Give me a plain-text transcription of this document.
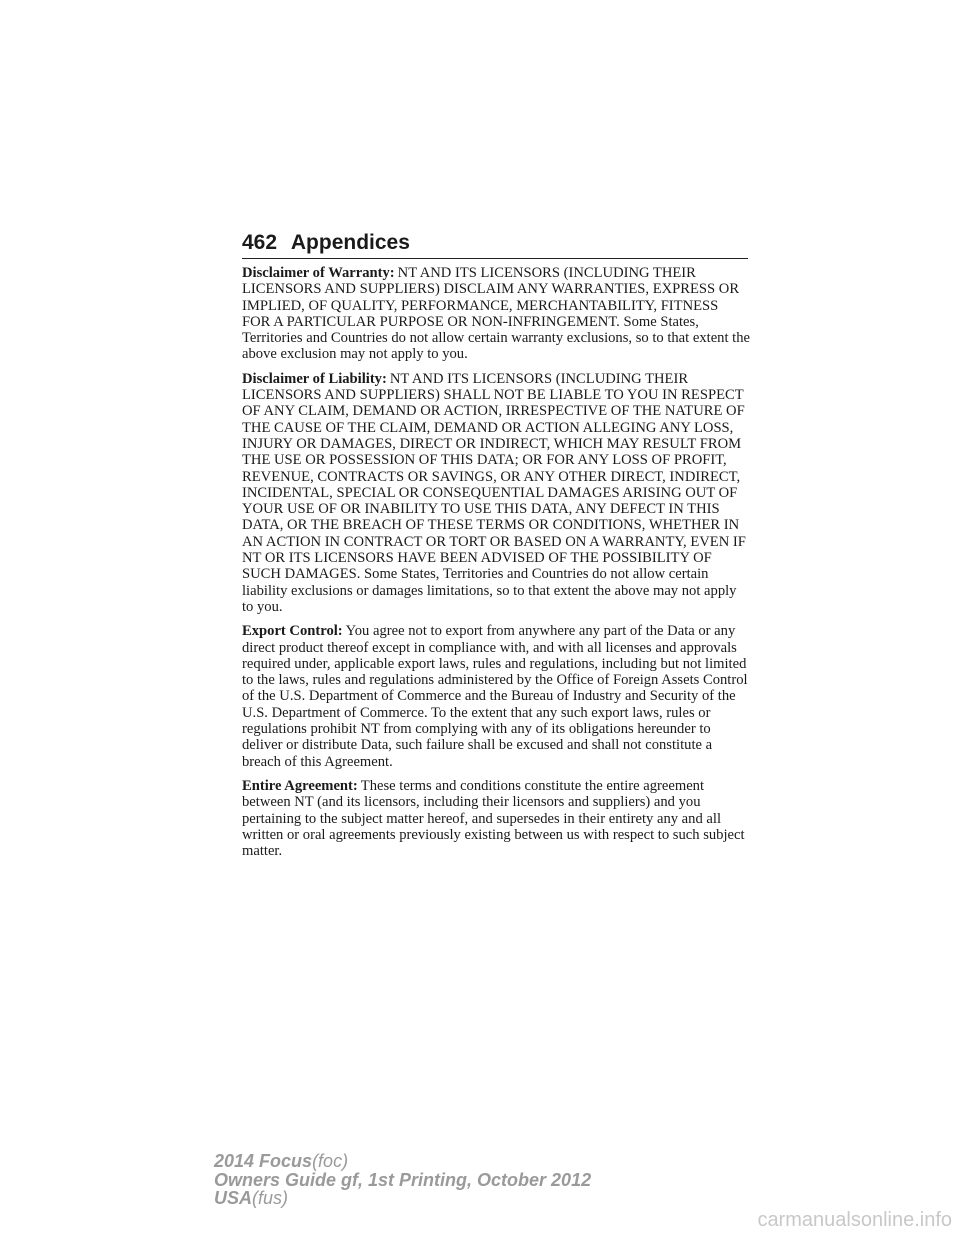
462 Appendices

Disclaimer of Warranty: NT AND ITS LICENSORS (INCLUDING THEIR LICENSORS AND SUPPLIERS) DISCLAIM ANY WARRANTIES, EXPRESS OR IMPLIED, OF QUALITY, PERFORMANCE, MERCHANTABILITY, FITNESS FOR A PARTICULAR PURPOSE OR NON-INFRINGEMENT. Some States, Territories and Countries do not allow certain warranty exclusions, so to that extent the above exclusion may not apply to you.

Disclaimer of Liability: NT AND ITS LICENSORS (INCLUDING THEIR LICENSORS AND SUPPLIERS) SHALL NOT BE LIABLE TO YOU IN RESPECT OF ANY CLAIM, DEMAND OR ACTION, IRRESPECTIVE OF THE NATURE OF THE CAUSE OF THE CLAIM, DEMAND OR ACTION ALLEGING ANY LOSS, INJURY OR DAMAGES, DIRECT OR INDIRECT, WHICH MAY RESULT FROM THE USE OR POSSESSION OF THIS DATA; OR FOR ANY LOSS OF PROFIT, REVENUE, CONTRACTS OR SAVINGS, OR ANY OTHER DIRECT, INDIRECT, INCIDENTAL, SPECIAL OR CONSEQUENTIAL DAMAGES ARISING OUT OF YOUR USE OF OR INABILITY TO USE THIS DATA, ANY DEFECT IN THIS DATA, OR THE BREACH OF THESE TERMS OR CONDITIONS, WHETHER IN AN ACTION IN CONTRACT OR TORT OR BASED ON A WARRANTY, EVEN IF NT OR ITS LICENSORS HAVE BEEN ADVISED OF THE POSSIBILITY OF SUCH DAMAGES. Some States, Territories and Countries do not allow certain liability exclusions or damages limitations, so to that extent the above may not apply to you.

Export Control: You agree not to export from anywhere any part of the Data or any direct product thereof except in compliance with, and with all licenses and approvals required under, applicable export laws, rules and regulations, including but not limited to the laws, rules and regulations administered by the Office of Foreign Assets Control of the U.S. Department of Commerce and the Bureau of Industry and Security of the U.S. Department of Commerce. To the extent that any such export laws, rules or regulations prohibit NT from complying with any of its obligations hereunder to deliver or distribute Data, such failure shall be excused and shall not constitute a breach of this Agreement.

Entire Agreement: These terms and conditions constitute the entire agreement between NT (and its licensors, including their licensors and suppliers) and you pertaining to the subject matter hereof, and supersedes in their entirety any and all written or oral agreements previously existing between us with respect to such subject matter.

2014 Focus(foc)
Owners Guide gf, 1st Printing, October 2012
USA(fus)
carmanualsonline.info
